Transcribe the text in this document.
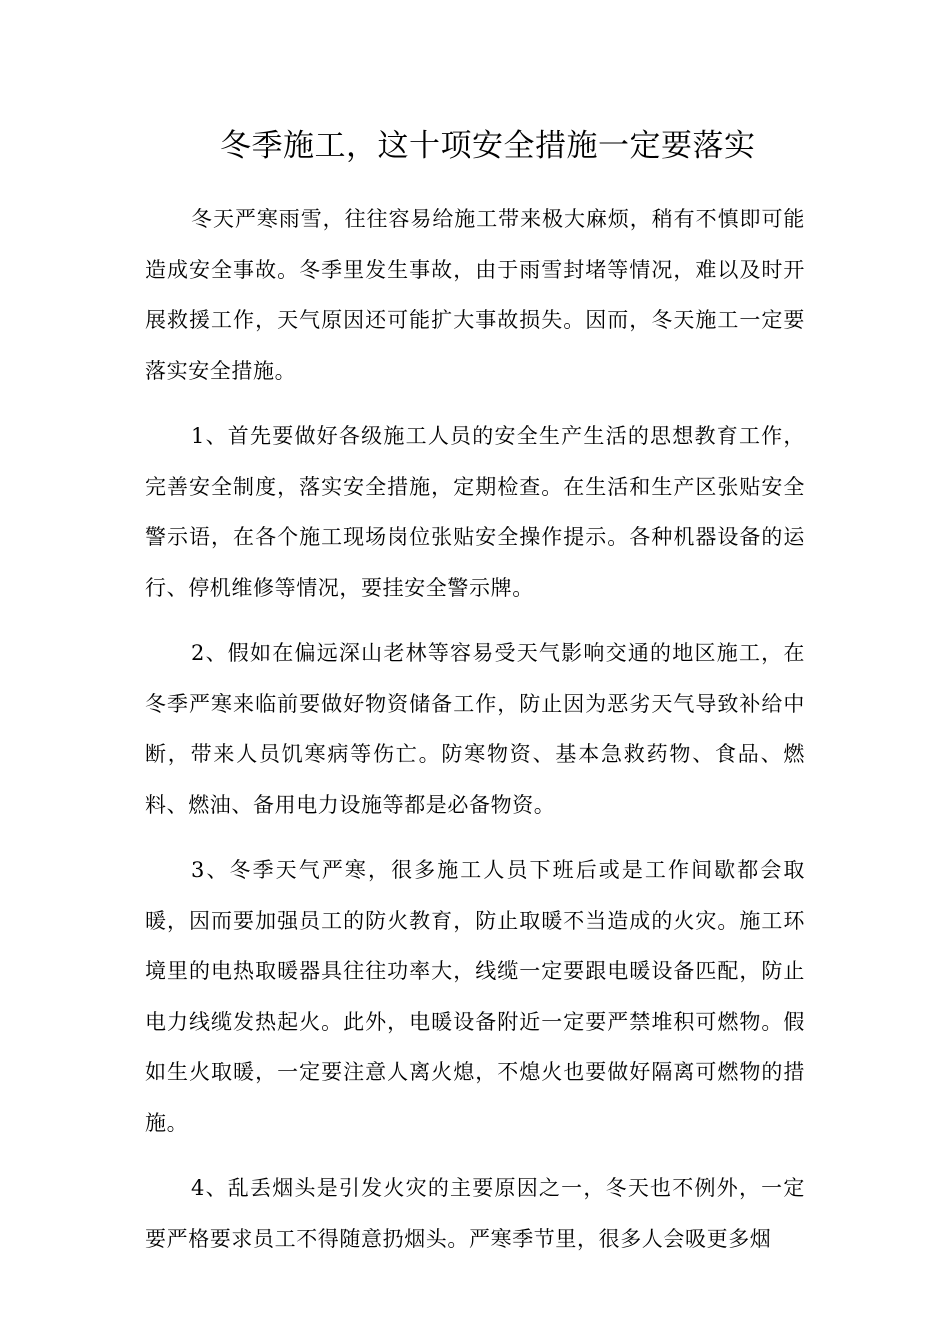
冬季施工，这十项安全措施一定要落实

冬天严寒雨雪，往往容易给施工带来极大麻烦，稍有不慎即可能造成安全事故。冬季里发生事故，由于雨雪封堵等情况，难以及时开展救援工作，天气原因还可能扩大事故损失。因而，冬天施工一定要落实安全措施。

1、首先要做好各级施工人员的安全生产生活的思想教育工作，完善安全制度，落实安全措施，定期检查。在生活和生产区张贴安全警示语，在各个施工现场岗位张贴安全操作提示。各种机器设备的运行、停机维修等情况，要挂安全警示牌。

2、假如在偏远深山老林等容易受天气影响交通的地区施工，在冬季严寒来临前要做好物资储备工作，防止因为恶劣天气导致补给中断，带来人员饥寒病等伤亡。防寒物资、基本急救药物、食品、燃料、燃油、备用电力设施等都是必备物资。

3、冬季天气严寒，很多施工人员下班后或是工作间歇都会取暖，因而要加强员工的防火教育，防止取暖不当造成的火灾。施工环境里的电热取暖器具往往功率大，线缆一定要跟电暖设备匹配，防止电力线缆发热起火。此外，电暖设备附近一定要严禁堆积可燃物。假如生火取暖，一定要注意人离火熄，不熄火也要做好隔离可燃物的措施。

4、乱丢烟头是引发火灾的主要原因之一，冬天也不例外，一定要严格要求员工不得随意扔烟头。严寒季节里，很多人会吸更多烟
